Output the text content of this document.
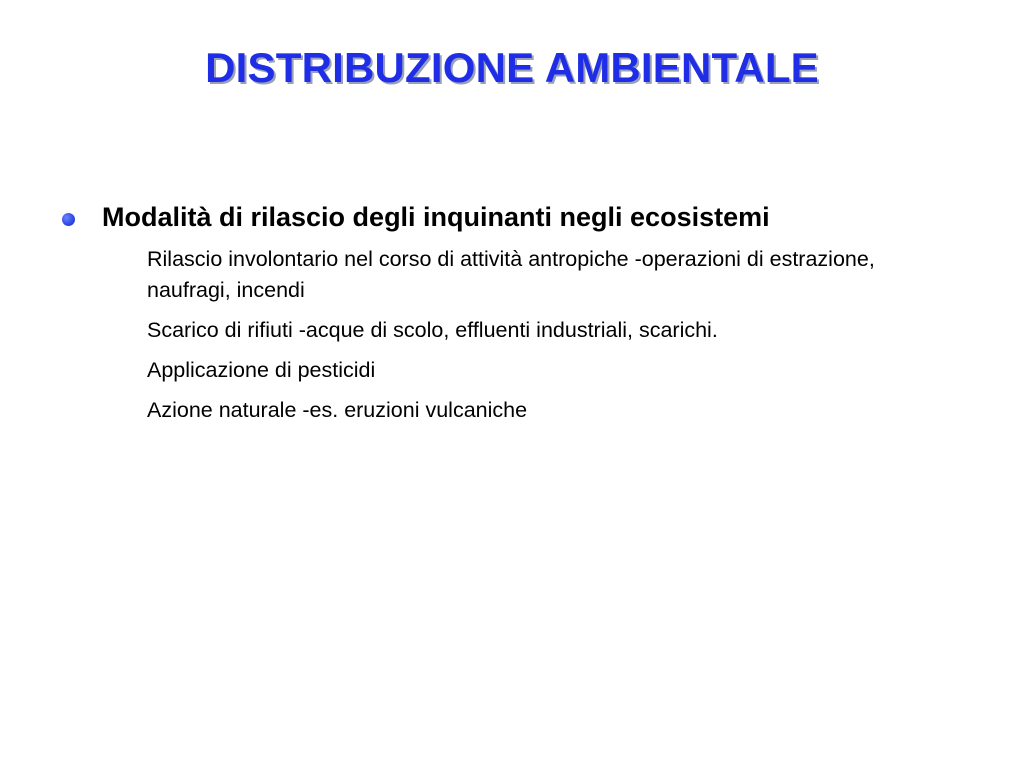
DISTRIBUZIONE AMBIENTALE
Modalità di rilascio degli inquinanti negli ecosistemi

Rilascio involontario nel corso di attività antropiche -operazioni di estrazione, naufragi, incendi

Scarico di rifiuti -acque di scolo, effluenti industriali, scarichi.

Applicazione di pesticidi

Azione naturale -es. eruzioni vulcaniche
